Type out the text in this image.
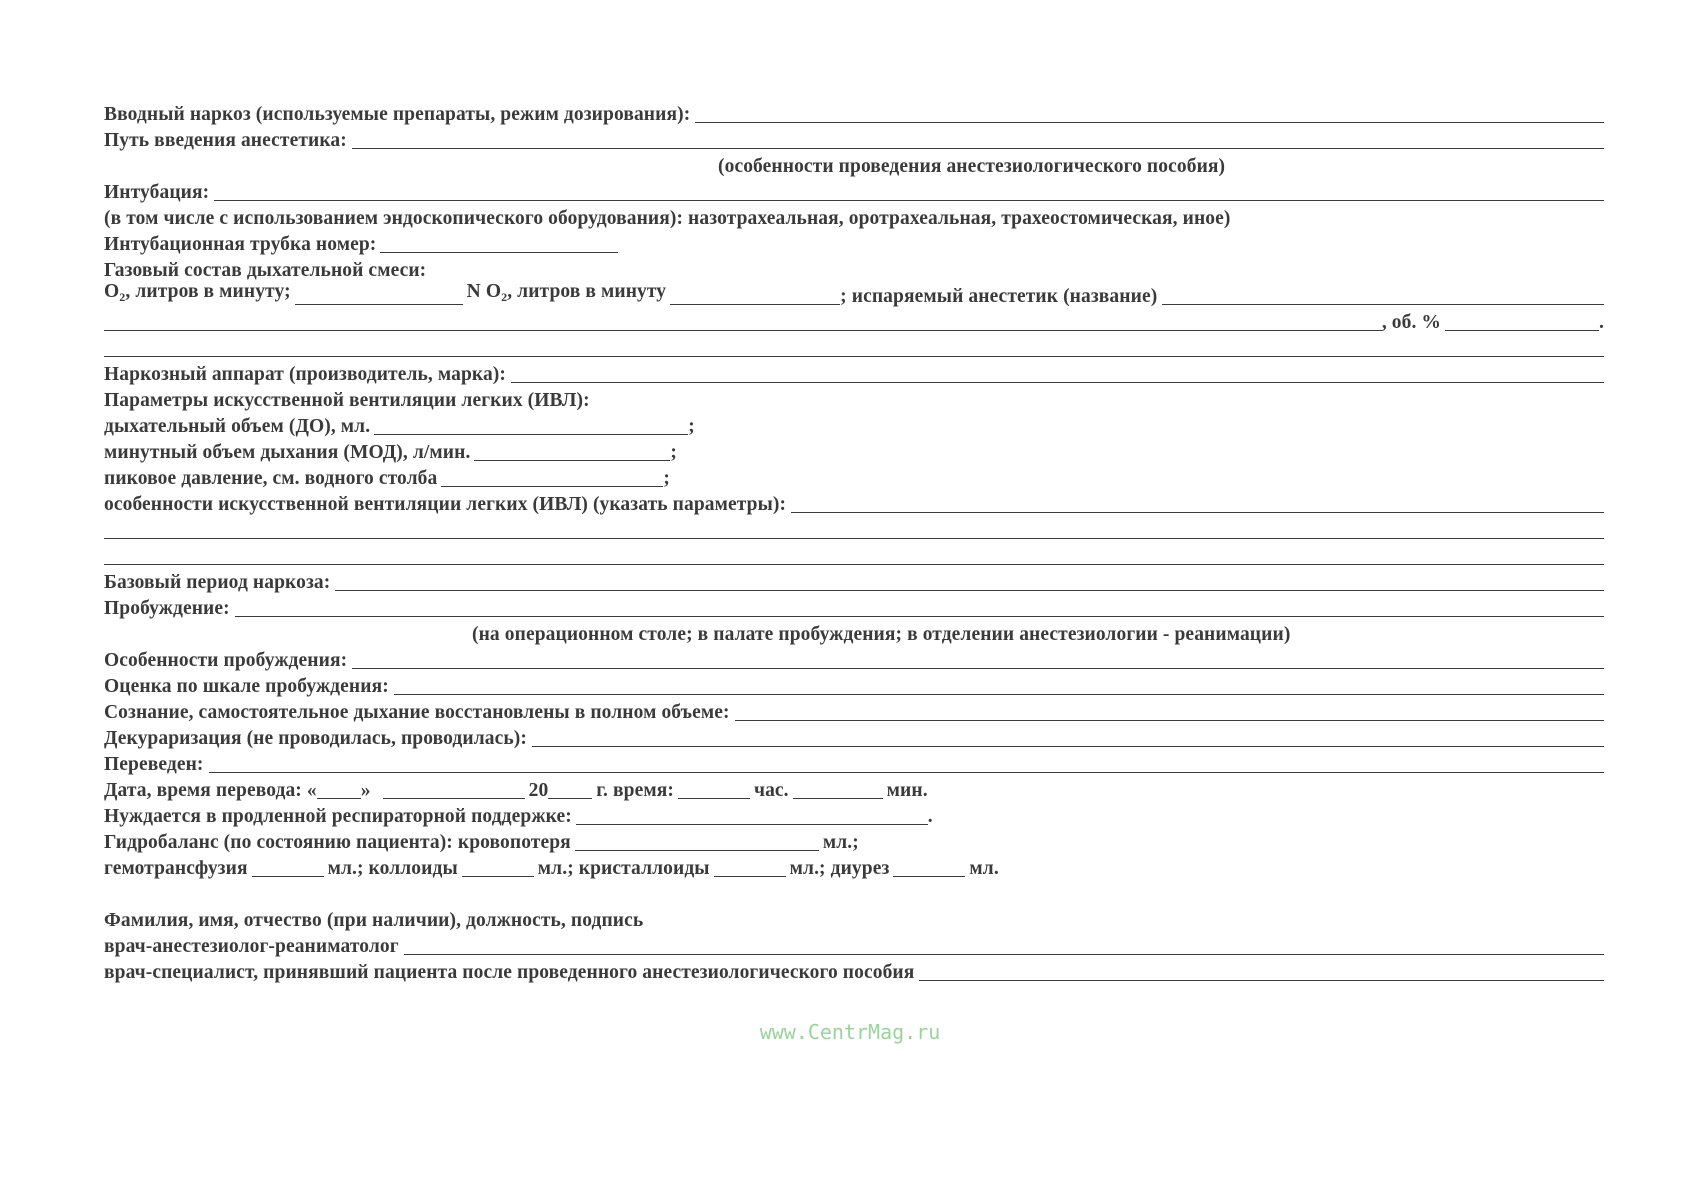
Вводный наркоз (используемые препараты, режим дозирования):
Путь введения анестетика:
(особенности проведения анестезиологического пособия)
Интубация:
(в том числе с использованием эндоскопического оборудования): назотрахеальная, оротрахеальная, трахеостомическая, иное)
Интубационная трубка номер:
Газовый состав дыхательной смеси:
$O_2$, литров в минуту;	N $O_2$, литров в минуту	; испаряемый анестетик (название)
, об. %	.
Наркозный аппарат (производитель, марка):
Параметры искусственной вентиляции легких (ИВЛ):
дыхательный объем (ДО), мл.	;
минутный объем дыхания (МОД), л/мин.	;
пиковое давление, см. водного столба	;
особенности искусственной вентиляции легких (ИВЛ) (указать параметры):
Базовый период наркоза:
Пробуждение:
(на операционном столе; в палате пробуждения; в отделении анестезиологии - реанимации)
Особенности пробуждения:
Оценка по шкале пробуждения:
Сознание, самостоятельное дыхание восстановлены в полном объеме:
Декураризация (не проводилась, проводилась):
Переведен:
Дата, время перевода: « »	20 г. время:	час.	мин.
Нуждается в продленной респираторной поддержке:	.
Гидробаланс (по состоянию пациента): кровопотеря	мл.;
гемотрансфузия	мл.; коллоиды	мл.; кристаллоиды	мл.; диурез	мл.
Фамилия, имя, отчество (при наличии), должность, подпись
врач-анестезиолог-реаниматолог
врач-специалист, принявший пациента после проведенного анестезиологического пособия
www.CentrMag.ru
